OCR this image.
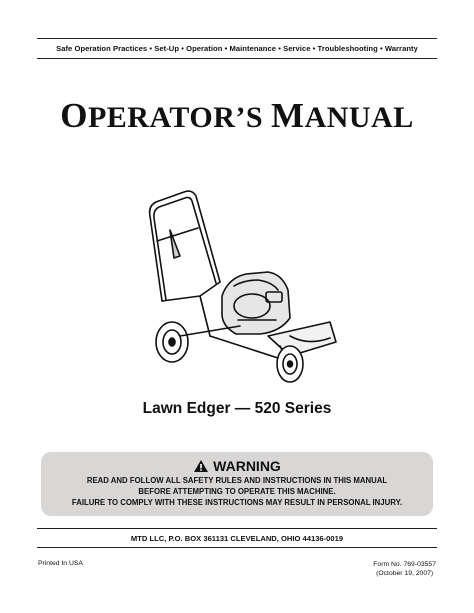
Safe Operation Practices • Set-Up • Operation • Maintenance • Service • Troubleshooting • Warranty
OPERATOR’S MANUAL
Lawn Edger — 520 Series
WARNING
READ AND FOLLOW ALL SAFETY RULES AND INSTRUCTIONS IN THIS MANUAL
BEFORE ATTEMPTING TO OPERATE THIS MACHINE.
FAILURE TO COMPLY WITH THESE INSTRUCTIONS MAY RESULT IN PERSONAL INJURY.
MTD LLC, P.O. BOX 361131 CLEVELAND, OHIO 44136-0019
Printed In USA	Form No. 769-03557
(October 19, 2007)
